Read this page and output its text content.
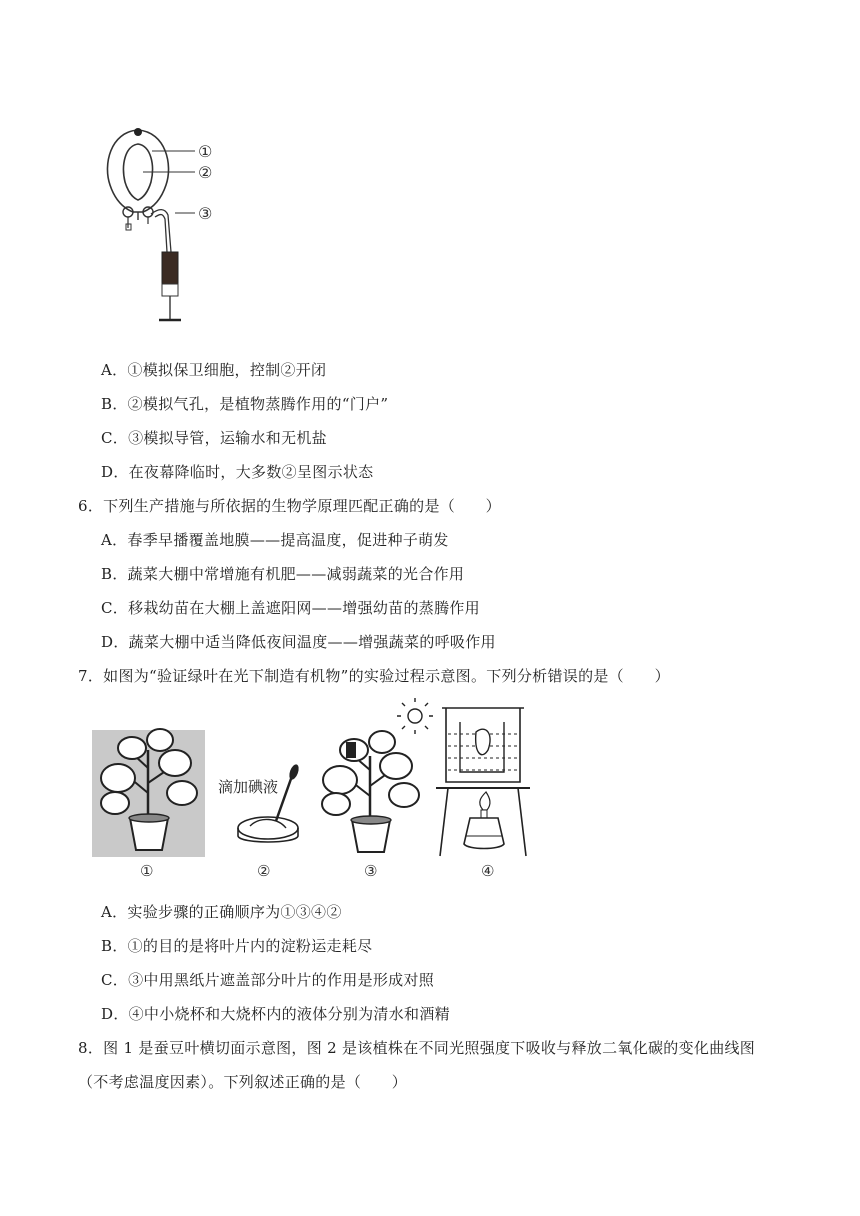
①
②
③
A．①模拟保卫细胞，控制②开闭
B．②模拟气孔，是植物蒸腾作用的“门户”
C．③模拟导管，运输水和无机盐
D．在夜幕降临时，大多数②呈图示状态
6．下列生产措施与所依据的生物学原理匹配正确的是（　　）
A．春季早播覆盖地膜——提高温度，促进种子萌发
B．蔬菜大棚中常增施有机肥——减弱蔬菜的光合作用
C．移栽幼苗在大棚上盖遮阳网——增强幼苗的蒸腾作用
D．蔬菜大棚中适当降低夜间温度——增强蔬菜的呼吸作用
7．如图为“验证绿叶在光下制造有机物”的实验过程示意图。下列分析错误的是（　　）
滴加碘液
①	②	③	④
A．实验步骤的正确顺序为①③④②
B．①的目的是将叶片内的淀粉运走耗尽
C．③中用黑纸片遮盖部分叶片的作用是形成对照
D．④中小烧杯和大烧杯内的液体分别为清水和酒精
8．图 1 是蚕豆叶横切面示意图，图 2 是该植株在不同光照强度下吸收与释放二氧化碳的变化曲线图（不考虑温度因素）。下列叙述正确的是（　　）
